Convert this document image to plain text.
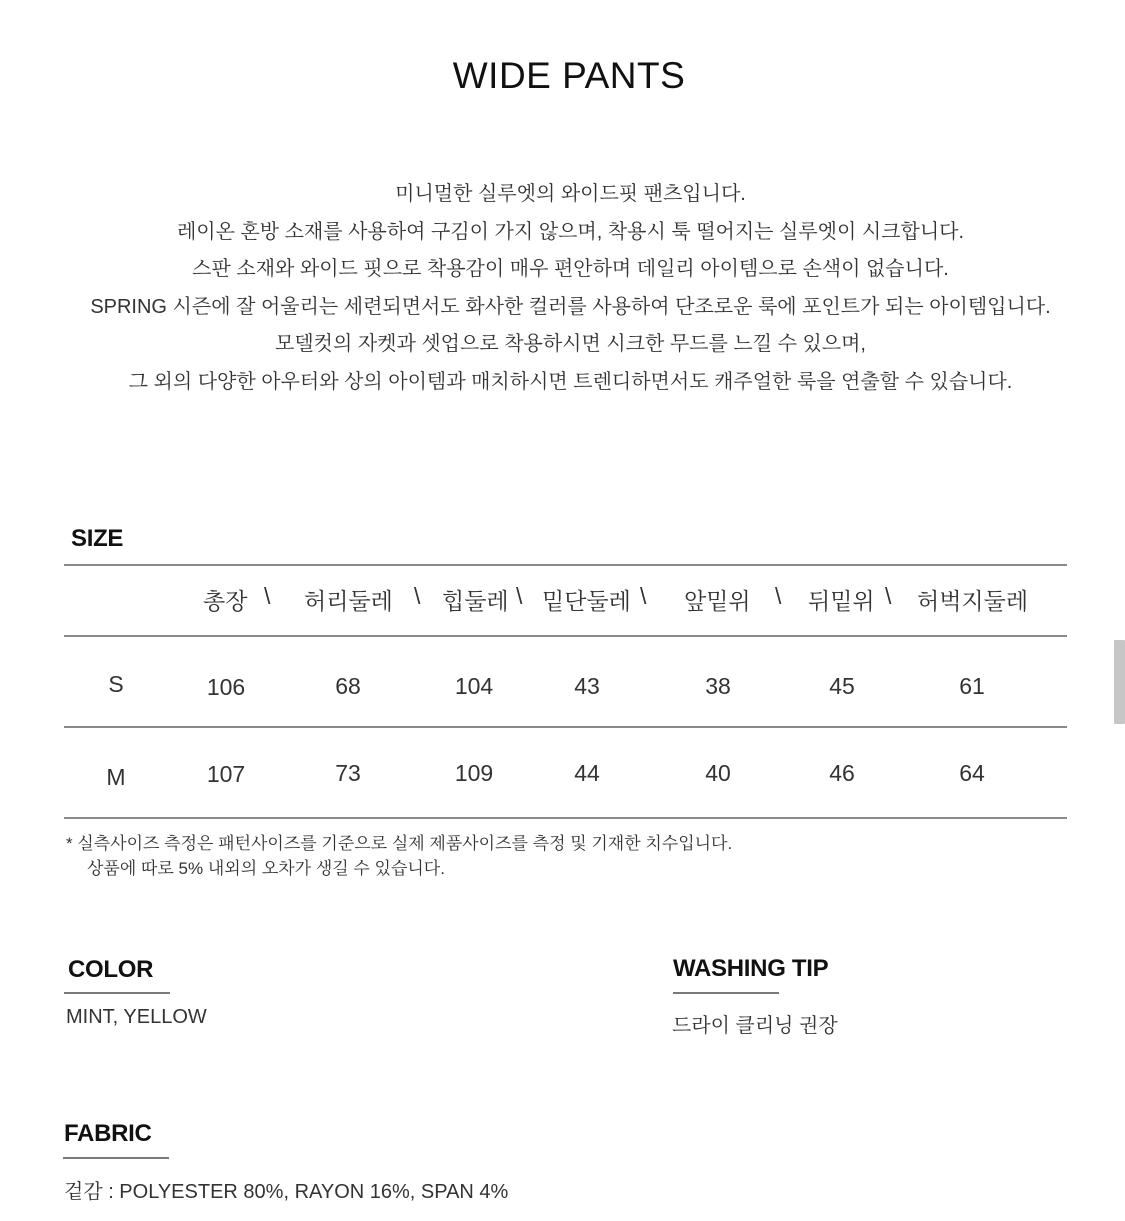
WIDE PANTS
미니멀한 실루엣의 와이드핏 팬츠입니다.
레이온 혼방 소재를 사용하여 구김이 가지 않으며, 착용시 툭 떨어지는 실루엣이 시크합니다.
스판 소재와 와이드 핏으로 착용감이 매우 편안하며 데일리 아이템으로 손색이 없습니다.
SPRING 시즌에 잘 어울리는 세련되면서도 화사한 컬러를 사용하여 단조로운 룩에 포인트가 되는 아이템입니다.
모델컷의 자켓과 셋업으로 착용하시면 시크한 무드를 느낄 수 있으며,
그 외의 다양한 아우터와 상의 아이템과 매치하시면 트렌디하면서도 캐주얼한 룩을 연출할 수 있습니다.
SIZE
총장 \ 허리둘레 \ 힙둘레 \ 밑단둘레 \ 앞밑위 \ 뒤밑위 \ 허벅지둘레
S	106	68	104	43	38	45	61
M	107	73	109	44	40	46	64
* 실측사이즈 측정은 패턴사이즈를 기준으로 실제 제품사이즈를 측정 및 기재한 치수입니다.
상품에 따로 5% 내외의 오차가 생길 수 있습니다.
COLOR
MINT, YELLOW
WASHING TIP
드라이 클리닝 권장
FABRIC
겉감 : POLYESTER 80%, RAYON 16%, SPAN 4%
